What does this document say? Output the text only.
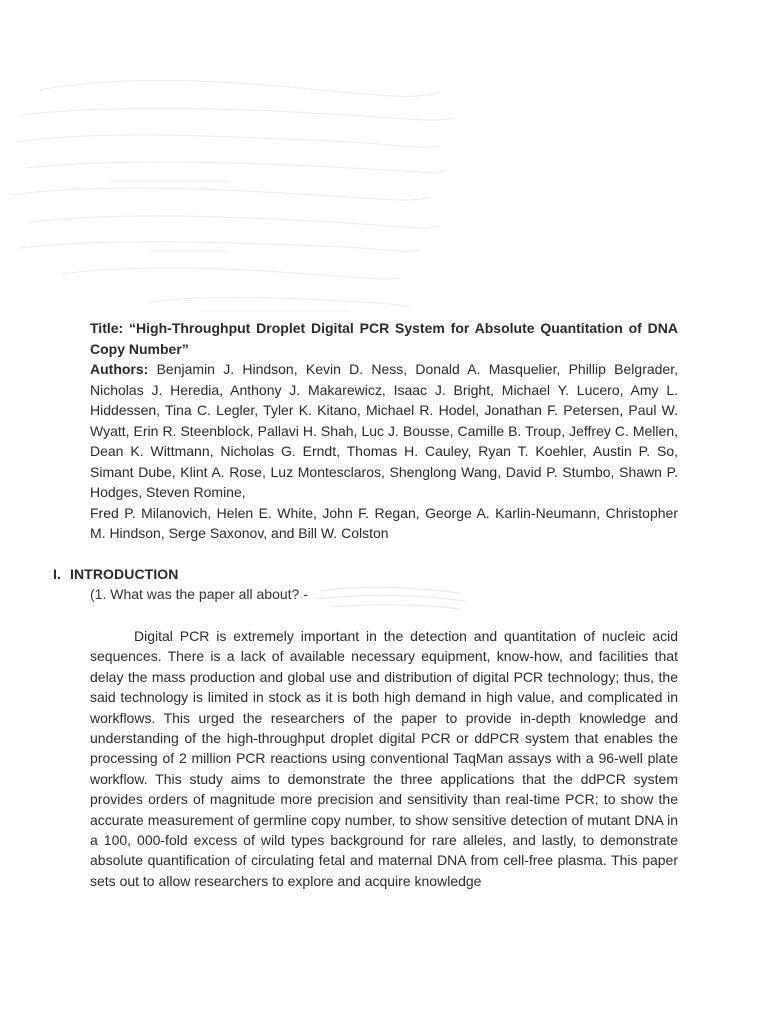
Title: “High-Throughput Droplet Digital PCR System for Absolute Quantitation of DNA Copy Number”

Authors: Benjamin J. Hindson, Kevin D. Ness, Donald A. Masquelier, Phillip Belgrader, Nicholas J. Heredia, Anthony J. Makarewicz, Isaac J. Bright, Michael Y. Lucero, Amy L. Hiddessen, Tina C. Legler, Tyler K. Kitano, Michael R. Hodel, Jonathan F. Petersen, Paul W. Wyatt, Erin R. Steenblock, Pallavi H. Shah, Luc J. Bousse, Camille B. Troup, Jeffrey C. Mellen, Dean K. Wittmann, Nicholas G. Erndt, Thomas H. Cauley, Ryan T. Koehler, Austin P. So, Simant Dube, Klint A. Rose, Luz Montesclaros, Shenglong Wang, David P. Stumbo, Shawn P. Hodges, Steven Romine,

Fred P. Milanovich, Helen E. White, John F. Regan, George A. Karlin-Neumann, Christopher M. Hindson, Serge Saxonov, and Bill W. Colston

I. INTRODUCTION

(1. What was the paper all about? -

Digital PCR is extremely important in the detection and quantitation of nucleic acid sequences. There is a lack of available necessary equipment, know-how, and facilities that delay the mass production and global use and distribution of digital PCR technology; thus, the said technology is limited in stock as it is both high demand in high value, and complicated in workflows. This urged the researchers of the paper to provide in-depth knowledge and understanding of the high-throughput droplet digital PCR or ddPCR system that enables the processing of 2 million PCR reactions using conventional TaqMan assays with a 96-well plate workflow. This study aims to demonstrate the three applications that the ddPCR system provides orders of magnitude more precision and sensitivity than real-time PCR; to show the accurate measurement of germline copy number, to show sensitive detection of mutant DNA in a 100, 000-fold excess of wild types background for rare alleles, and lastly, to demonstrate absolute quantification of circulating fetal and maternal DNA from cell-free plasma. This paper sets out to allow researchers to explore and acquire knowledge
